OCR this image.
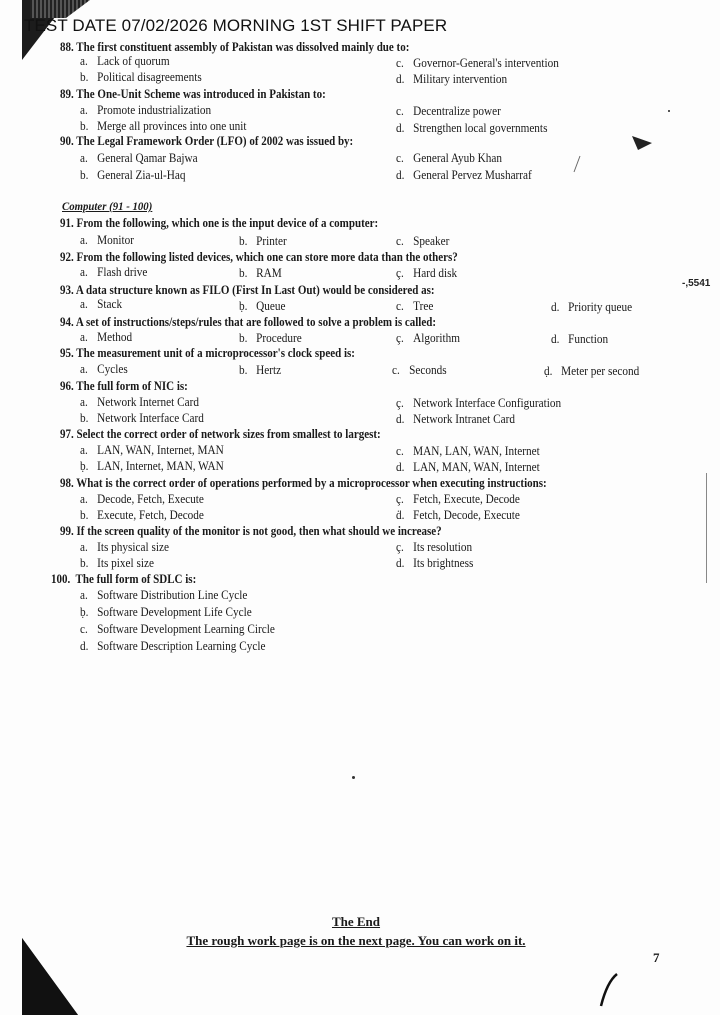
TEST DATE 07/02/2026 MORNING 1ST SHIFT PAPER
88. The first constituent assembly of Pakistan was dissolved mainly due to:
a. Lack of quorum
b. Political disagreements
c. Governor-General's intervention
d. Military intervention
89. The One-Unit Scheme was introduced in Pakistan to:
a. Promote industrialization
b. Merge all provinces into one unit
c. Decentralize power
d. Strengthen local governments
90. The Legal Framework Order (LFO) of 2002 was issued by:
a. General Qamar Bajwa
b. General Zia-ul-Haq
c. General Ayub Khan
d. General Pervez Musharraf
Computer (91 - 100)
91. From the following, which one is the input device of a computer:
a. Monitor	b. Printer	c. Speaker
92. From the following listed devices, which one can store more data than the others?
a. Flash drive	b. RAM	ç. Hard disk
93. A data structure known as FILO (First In Last Out) would be considered as:
a. Stack	ḅ. Queue	c. Tree	d. Priority queue
94. A set of instructions/steps/rules that are followed to solve a problem is called:
a. Method	b. Procedure	ç. Algorithm	d. Function
95. The measurement unit of a microprocessor's clock speed is:
a. Cycles	b. Hertz	c. Seconds	ḍ. Meter per second
96. The full form of NIC is:
a. Network Internet Card
b. Network Interface Card
ç. Network Interface Configuration
d. Network Intranet Card
97. Select the correct order of network sizes from smallest to largest:
a. LAN, WAN, Internet, MAN
ḅ. LAN, Internet, MAN, WAN
c. MAN, LAN, WAN, Internet
d. LAN, MAN, WAN, Internet
98. What is the correct order of operations performed by a microprocessor when executing instructions:
a. Decode, Fetch, Execute
b. Execute, Fetch, Decode
ç. Fetch, Execute, Decode
ḋ. Fetch, Decode, Execute
99. If the screen quality of the monitor is not good, then what should we increase?
a. Its physical size
b. Its pixel size
ç. Its resolution
d. Its brightness
100. The full form of SDLC is:
a. Software Distribution Line Cycle
ḅ. Software Development Life Cycle
c. Software Development Learning Circle
d. Software Description Learning Cycle
The End
The rough work page is on the next page. You can work on it.
7
-,5541
